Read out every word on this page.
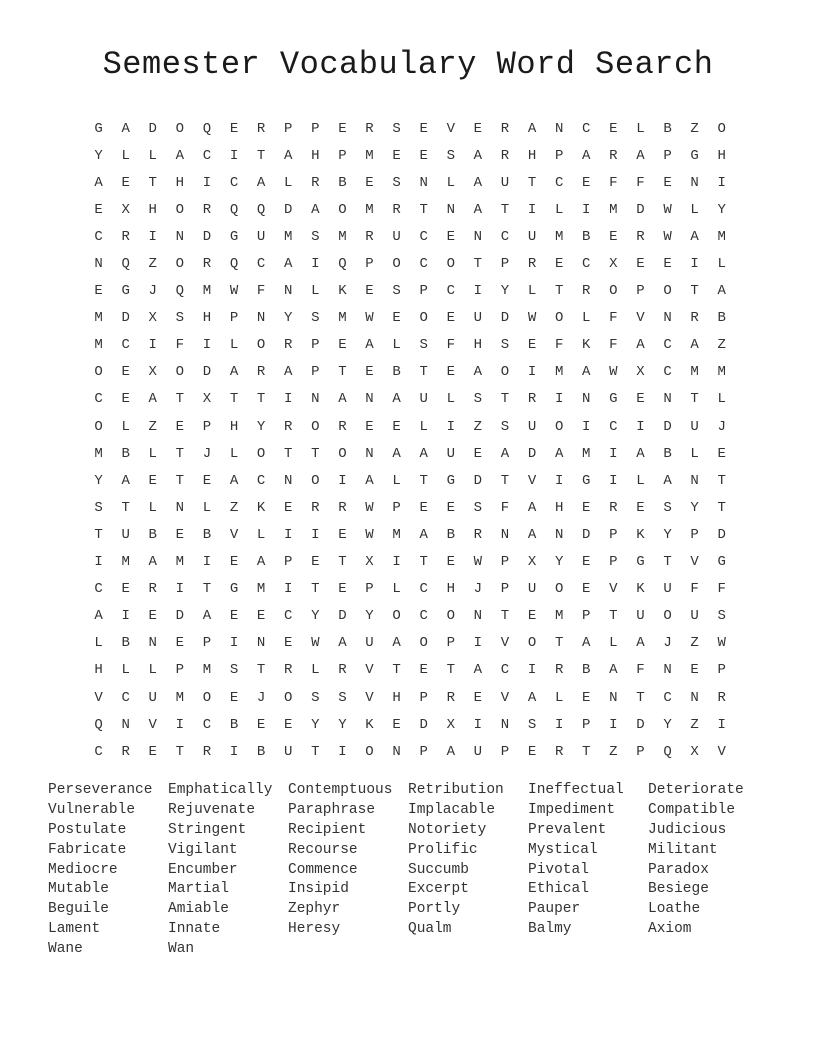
Semester Vocabulary Word Search
G	A	D	O	Q	E	R	P	P	E	R	S	E	V	E	R	A	N	C	E	L	B	Z	O
Y	L	L	A	C	I	T	A	H	P	M	E	E	S	A	R	H	P	A	R	A	P	G	H
A	E	T	H	I	C	A	L	R	B	E	S	N	L	A	U	T	C	E	F	F	E	N	I
E	X	H	O	R	Q	Q	D	A	O	M	R	T	N	A	T	I	L	I	M	D	W	L	Y
C	R	I	N	D	G	U	M	S	M	R	U	C	E	N	C	U	M	B	E	R	W	A	M
N	Q	Z	O	R	Q	C	A	I	Q	P	O	C	O	T	P	R	E	C	X	E	E	I	L
E	G	J	Q	M	W	F	N	L	K	E	S	P	C	I	Y	L	T	R	O	P	O	T	A
M	D	X	S	H	P	N	Y	S	M	W	E	O	E	U	D	W	O	L	F	V	N	R	B
M	C	I	F	I	L	O	R	P	E	A	L	S	F	H	S	E	F	K	F	A	C	A	Z
O	E	X	O	D	A	R	A	P	T	E	B	T	E	A	O	I	M	A	W	X	C	M	M
C	E	A	T	X	T	T	I	N	A	N	A	U	L	S	T	R	I	N	G	E	N	T	L
O	L	Z	E	P	H	Y	R	O	R	E	E	L	I	Z	S	U	O	I	C	I	D	U	J
M	B	L	T	J	L	O	T	T	O	N	A	A	U	E	A	D	A	M	I	A	B	L	E
Y	A	E	T	E	A	C	N	O	I	A	L	T	G	D	T	V	I	G	I	L	A	N	T
S	T	L	N	L	Z	K	E	R	R	W	P	E	E	S	F	A	H	E	R	E	S	Y	T
T	U	B	E	B	V	L	I	I	E	W	M	A	B	R	N	A	N	D	P	K	Y	P	D
I	M	A	M	I	E	A	P	E	T	X	I	T	E	W	P	X	Y	E	P	G	T	V	G
C	E	R	I	T	G	M	I	T	E	P	L	C	H	J	P	U	O	E	V	K	U	F	F
A	I	E	D	A	E	E	C	Y	D	Y	O	C	O	N	T	E	M	P	T	U	O	U	S
L	B	N	E	P	I	N	E	W	A	U	A	O	P	I	V	O	T	A	L	A	J	Z	W
H	L	L	P	M	S	T	R	L	R	V	T	E	T	A	C	I	R	B	A	F	N	E	P
V	C	U	M	O	E	J	O	S	S	V	H	P	R	E	V	A	L	E	N	T	C	N	R
Q	N	V	I	C	B	E	E	Y	Y	K	E	D	X	I	N	S	I	P	I	D	Y	Z	I
C	R	E	T	R	I	B	U	T	I	O	N	P	A	U	P	E	R	T	Z	P	Q	X	V
Perseverance	Emphatically	Contemptuous	Retribution	Ineffectual	Deteriorate
Vulnerable	Rejuvenate	Paraphrase	Implacable	Impediment	Compatible
Postulate	Stringent	Recipient	Notoriety	Prevalent	Judicious
Fabricate	Vigilant	Recourse	Prolific	Mystical	Militant
Mediocre	Encumber	Commence	Succumb	Pivotal	Paradox
Mutable	Martial	Insipid	Excerpt	Ethical	Besiege
Beguile	Amiable	Zephyr	Portly	Pauper	Loathe
Lament	Innate	Heresy	Qualm	Balmy	Axiom
Wane	Wan
